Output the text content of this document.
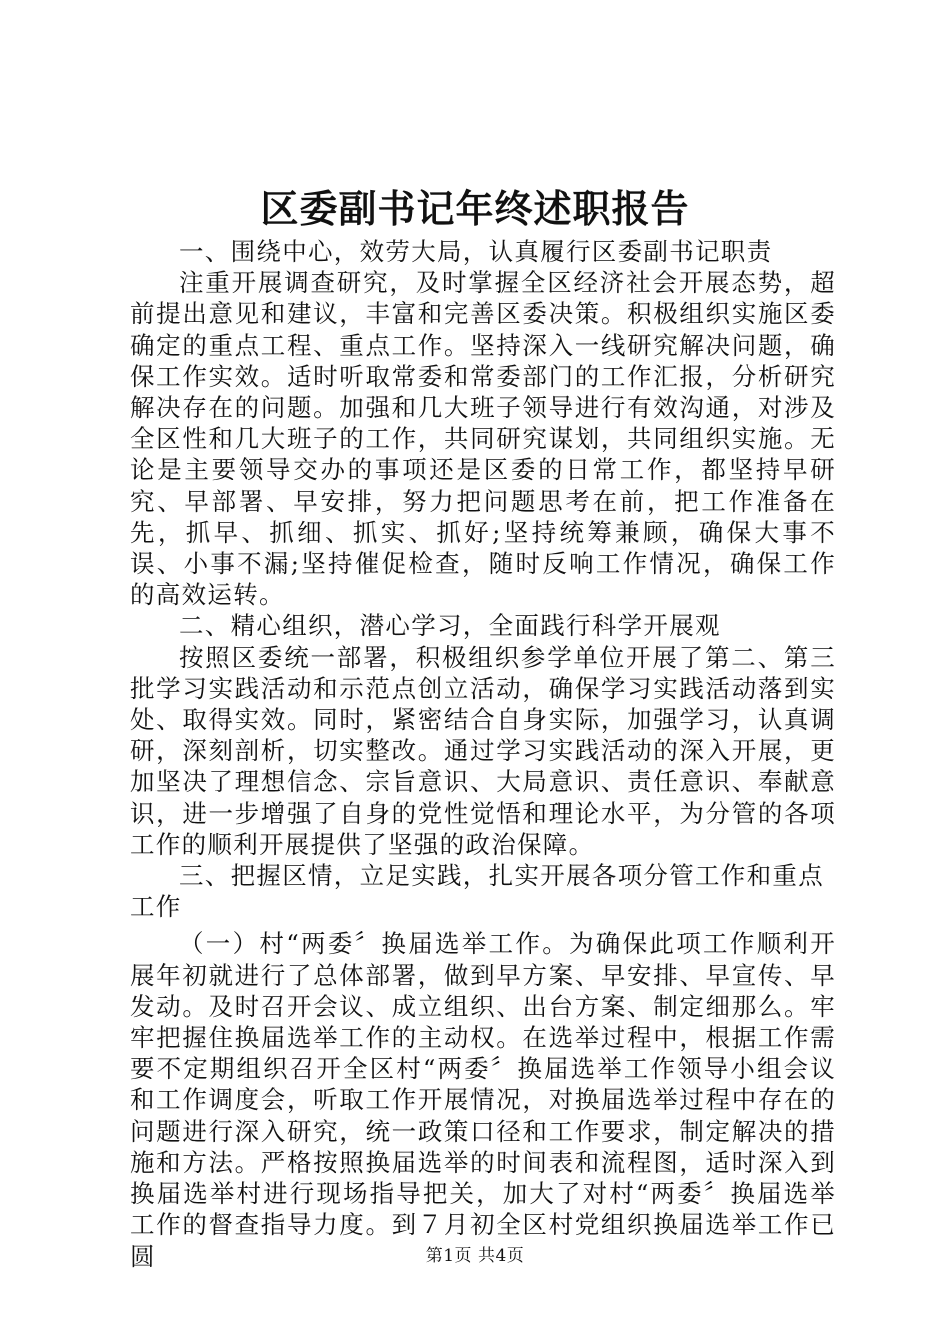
区委副书记年终述职报告

一、围绕中心，效劳大局，认真履行区委副书记职责

注重开展调查研究，及时掌握全区经济社会开展态势，超前提出意见和建议，丰富和完善区委决策。积极组织实施区委确定的重点工程、重点工作。坚持深入一线研究解决问题，确保工作实效。适时听取常委和常委部门的工作汇报，分析研究解决存在的问题。加强和几大班子领导进行有效沟通，对涉及全区性和几大班子的工作，共同研究谋划，共同组织实施。无论是主要领导交办的事项还是区委的日常工作，都坚持早研究、早部署、早安排，努力把问题思考在前，把工作准备在先，抓早、抓细、抓实、抓好;坚持统筹兼顾，确保大事不误、小事不漏;坚持催促检查，随时反响工作情况，确保工作的高效运转。

二、精心组织，潜心学习，全面践行科学开展观

按照区委统一部署，积极组织参学单位开展了第二、第三批学习实践活动和示范点创立活动，确保学习实践活动落到实处、取得实效。同时，紧密结合自身实际，加强学习，认真调研，深刻剖析，切实整改。通过学习实践活动的深入开展，更加坚决了理想信念、宗旨意识、大局意识、责任意识、奉献意识，进一步增强了自身的党性觉悟和理论水平，为分管的各项工作的顺利开展提供了坚强的政治保障。

三、把握区情，立足实践，扎实开展各项分管工作和重点工作

（一）村“两委〞换届选举工作。为确保此项工作顺利开展年初就进行了总体部署，做到早方案、早安排、早宣传、早发动。及时召开会议、成立组织、出台方案、制定细那么。牢牢把握住换届选举工作的主动权。在选举过程中，根据工作需要不定期组织召开全区村“两委〞换届选举工作领导小组会议和工作调度会，听取工作开展情况，对换届选举过程中存在的问题进行深入研究，统一政策口径和工作要求，制定解决的措施和方法。严格按照换届选举的时间表和流程图，适时深入到换届选举村进行现场指导把关，加大了对村“两委〞换届选举工作的督查指导力度。到７月初全区村党组织换届选举工作已圆	第1页 共4页
